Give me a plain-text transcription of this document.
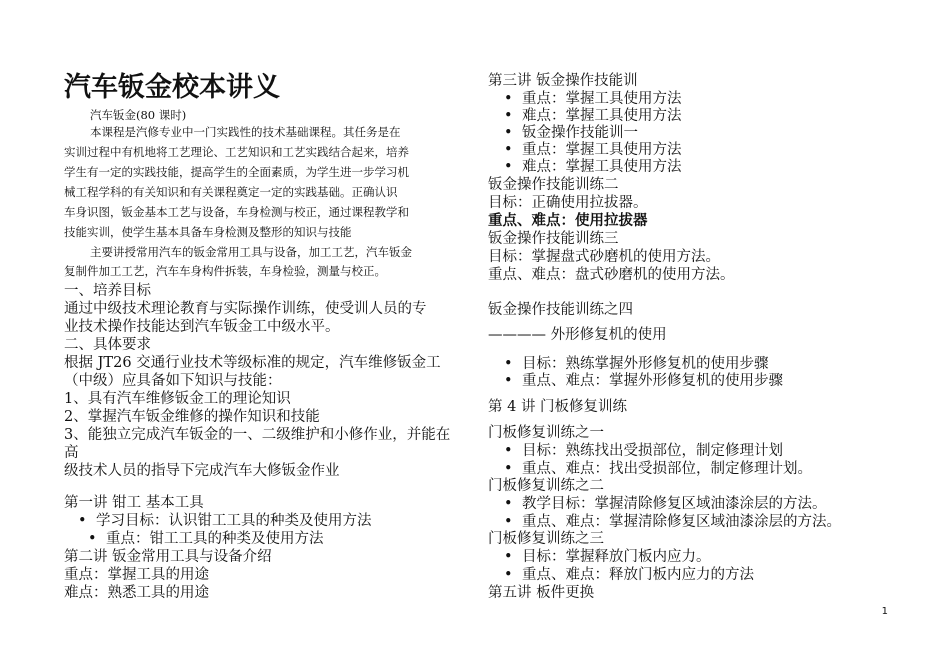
汽车钣金校本讲义
汽车钣金(80 课时)
本课程是汽修专业中一门实践性的技术基础课程。其任务是在
实训过程中有机地将工艺理论、工艺知识和工艺实践结合起来，培养
学生有一定的实践技能，提高学生的全面素质，为学生进一步学习机
械工程学科的有关知识和有关课程奠定一定的实践基础。正确认识
车身识图，钣金基本工艺与设备，车身检测与校正，通过课程教学和
技能实训，使学生基本具备车身检测及整形的知识与技能
主要讲授常用汽车的钣金常用工具与设备，加工工艺，汽车钣金
复制件加工工艺，汽车车身构件拆装，车身检验，测量与校正。
一、培养目标
通过中级技术理论教育与实际操作训练，使受训人员的专
业技术操作技能达到汽车钣金工中级水平。
二、具体要求
根据 JT26 交通行业技术等级标准的规定，汽车维修钣金工
（中级）应具备如下知识与技能：
1、具有汽车维修钣金工的理论知识
2、掌握汽车钣金维修的操作知识和技能
3、能独立完成汽车钣金的一、二级维护和小修作业，并能在
高
级技术人员的指导下完成汽车大修钣金作业
第一讲 钳工 基本工具
• 学习目标：认识钳工工具的种类及使用方法
• 重点：钳工工具的种类及使用方法
第二讲 钣金常用工具与设备介绍
重点：掌握工具的用途
难点：熟悉工具的用途
第三讲 钣金操作技能训
• 重点：掌握工具使用方法
• 难点：掌握工具使用方法
• 钣金操作技能训一
• 重点：掌握工具使用方法
• 难点：掌握工具使用方法
钣金操作技能训练二
目标：正确使用拉拔器。
重点、难点：使用拉拔器
钣金操作技能训练三
目标：掌握盘式砂磨机的使用方法。
重点、难点：盘式砂磨机的使用方法。
钣金操作技能训练之四
———— 外形修复机的使用
• 目标：熟练掌握外形修复机的使用步骤
• 重点、难点：掌握外形修复机的使用步骤
第 4 讲 门板修复训练
门板修复训练之一
• 目标：熟练找出受损部位，制定修理计划
• 重点、难点：找出受损部位，制定修理计划。
门板修复训练之二
• 教学目标：掌握清除修复区域油漆涂层的方法。
• 重点、难点：掌握清除修复区域油漆涂层的方法。
门板修复训练之三
• 目标：掌握释放门板内应力。
• 重点、难点：释放门板内应力的方法
第五讲 板件更换
1
